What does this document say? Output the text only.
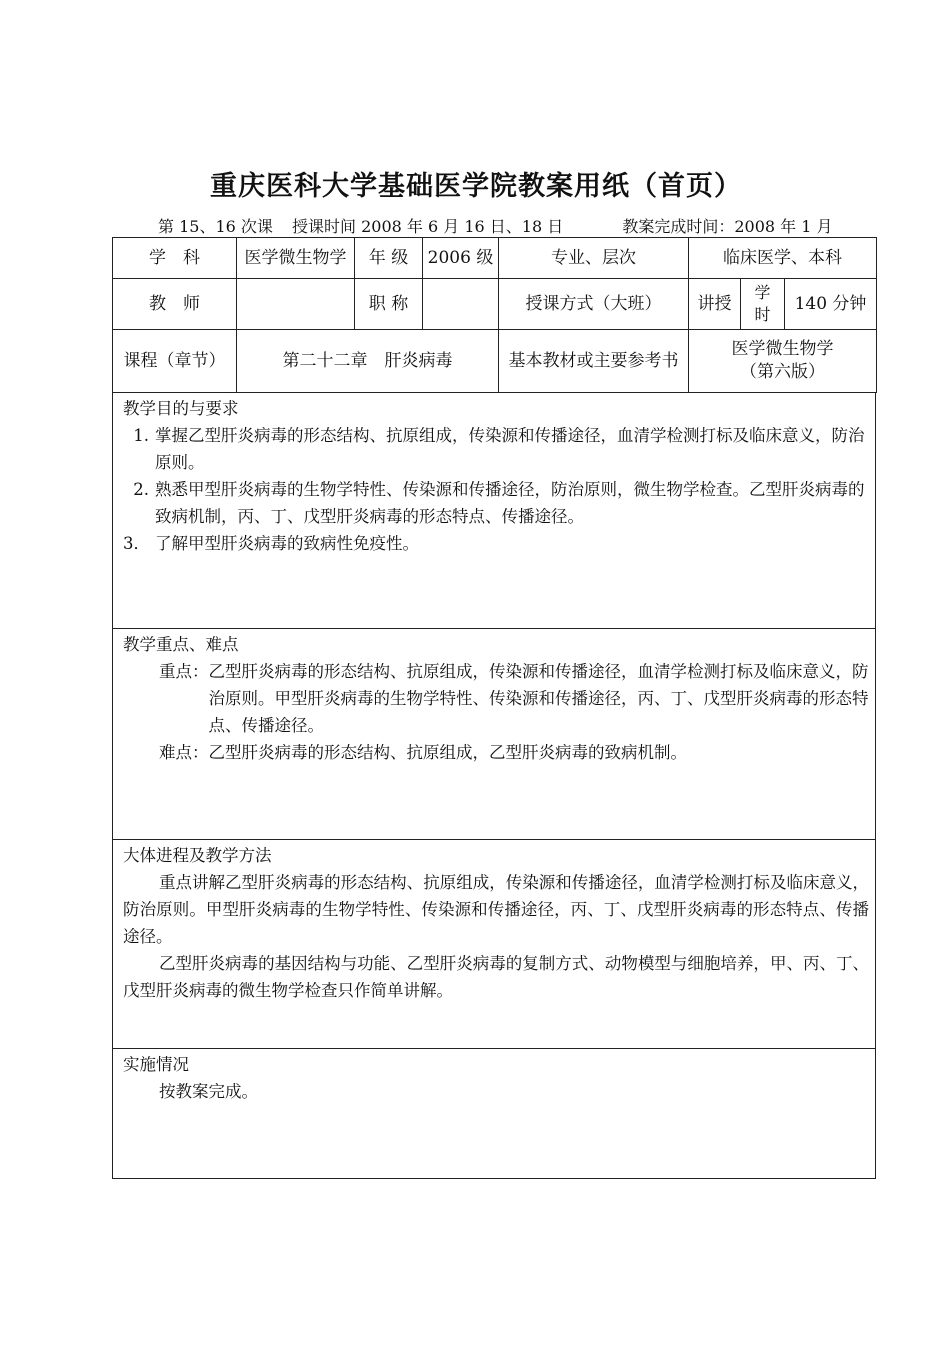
重庆医科大学基础医学院教案用纸（首页）
第 15、16 次课 授课时间 2008 年 6 月 16 日、18 日	教案完成时间：2008 年 1 月
学　科	医学微生物学	年 级	2006 级	专业、层次	临床医学、本科		
教　师		职 称		授课方式（大班）	讲授	学时	140 分钟
课程（章节）	第二十二章　肝炎病毒			基本教材或主要参考书	医学微生物学
（第六版）		
教学目的与要求
1. 掌握乙型肝炎病毒的形态结构、抗原组成，传染源和传播途径，血清学检测打标及临床意义，防治原则。
2. 熟悉甲型肝炎病毒的生物学特性、传染源和传播途径，防治原则，微生物学检查。乙型肝炎病毒的致病机制，丙、丁、戊型肝炎病毒的形态特点、传播途径。
3． 了解甲型肝炎病毒的致病性免疫性。
教学重点、难点
重点： 乙型肝炎病毒的形态结构、抗原组成，传染源和传播途径，血清学检测打标及临床意义，防治原则。甲型肝炎病毒的生物学特性、传染源和传播途径，丙、丁、戊型肝炎病毒的形态特点、传播途径。
难点： 乙型肝炎病毒的形态结构、抗原组成，乙型肝炎病毒的致病机制。
大体进程及教学方法
重点讲解乙型肝炎病毒的形态结构、抗原组成，传染源和传播途径，血清学检测打标及临床意义，防治原则。甲型肝炎病毒的生物学特性、传染源和传播途径，丙、丁、戊型肝炎病毒的形态特点、传播途径。
乙型肝炎病毒的基因结构与功能、乙型肝炎病毒的复制方式、动物模型与细胞培养，甲、丙、丁、戊型肝炎病毒的微生物学检查只作简单讲解。
实施情况
按教案完成。
